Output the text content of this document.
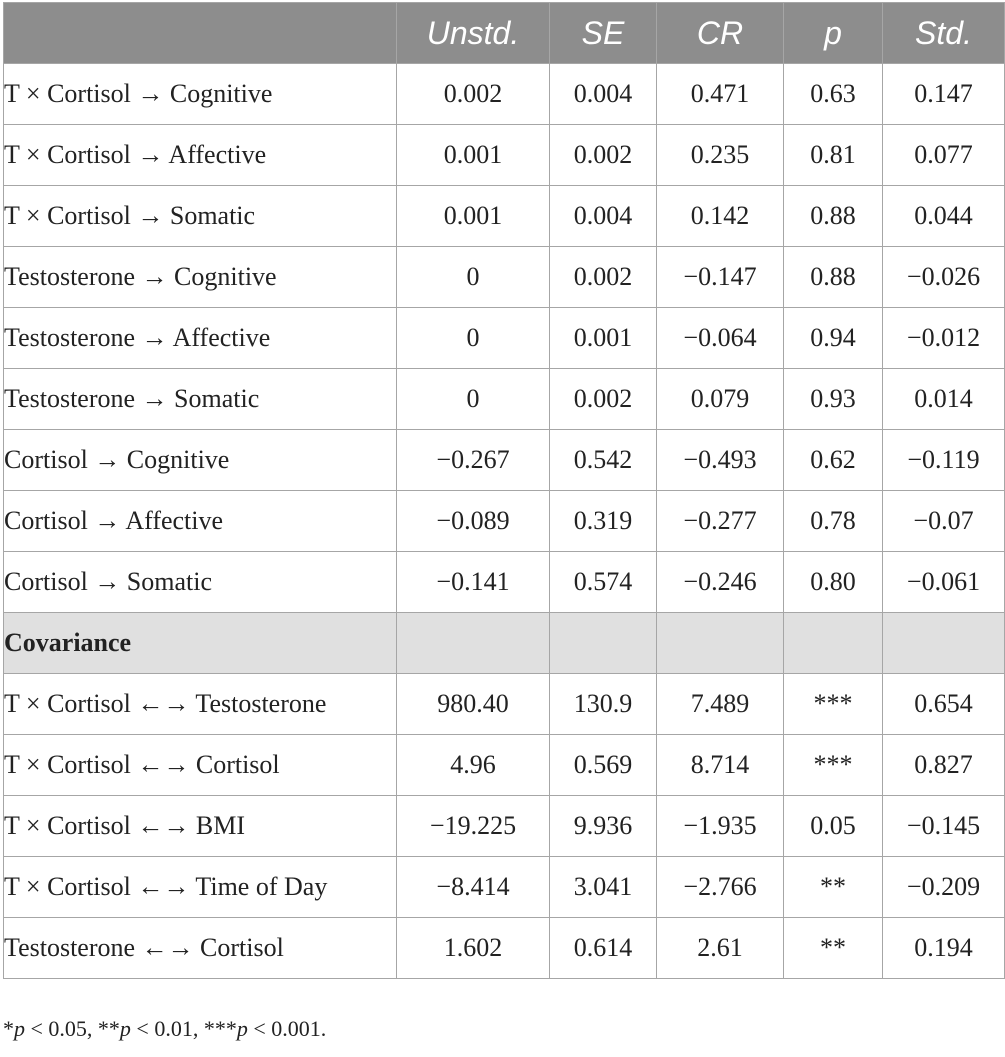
	Unstd.	SE	CR	p	Std.
T × Cortisol → Cognitive	0.002	0.004	0.471	0.63	0.147
T × Cortisol → Affective	0.001	0.002	0.235	0.81	0.077
T × Cortisol → Somatic	0.001	0.004	0.142	0.88	0.044
Testosterone → Cognitive	0	0.002	−0.147	0.88	−0.026
Testosterone → Affective	0	0.001	−0.064	0.94	−0.012
Testosterone → Somatic	0	0.002	0.079	0.93	0.014
Cortisol → Cognitive	−0.267	0.542	−0.493	0.62	−0.119
Cortisol → Affective	−0.089	0.319	−0.277	0.78	−0.07
Cortisol → Somatic	−0.141	0.574	−0.246	0.80	−0.061
Covariance					
T × Cortisol ←→ Testosterone	980.40	130.9	7.489	***	0.654
T × Cortisol ←→ Cortisol	4.96	0.569	8.714	***	0.827
T × Cortisol ←→ BMI	−19.225	9.936	−1.935	0.05	−0.145
T × Cortisol ←→ Time of Day	−8.414	3.041	−2.766	**	−0.209
Testosterone ←→ Cortisol	1.602	0.614	2.61	**	0.194
*p < 0.05, **p < 0.01, ***p < 0.001.
